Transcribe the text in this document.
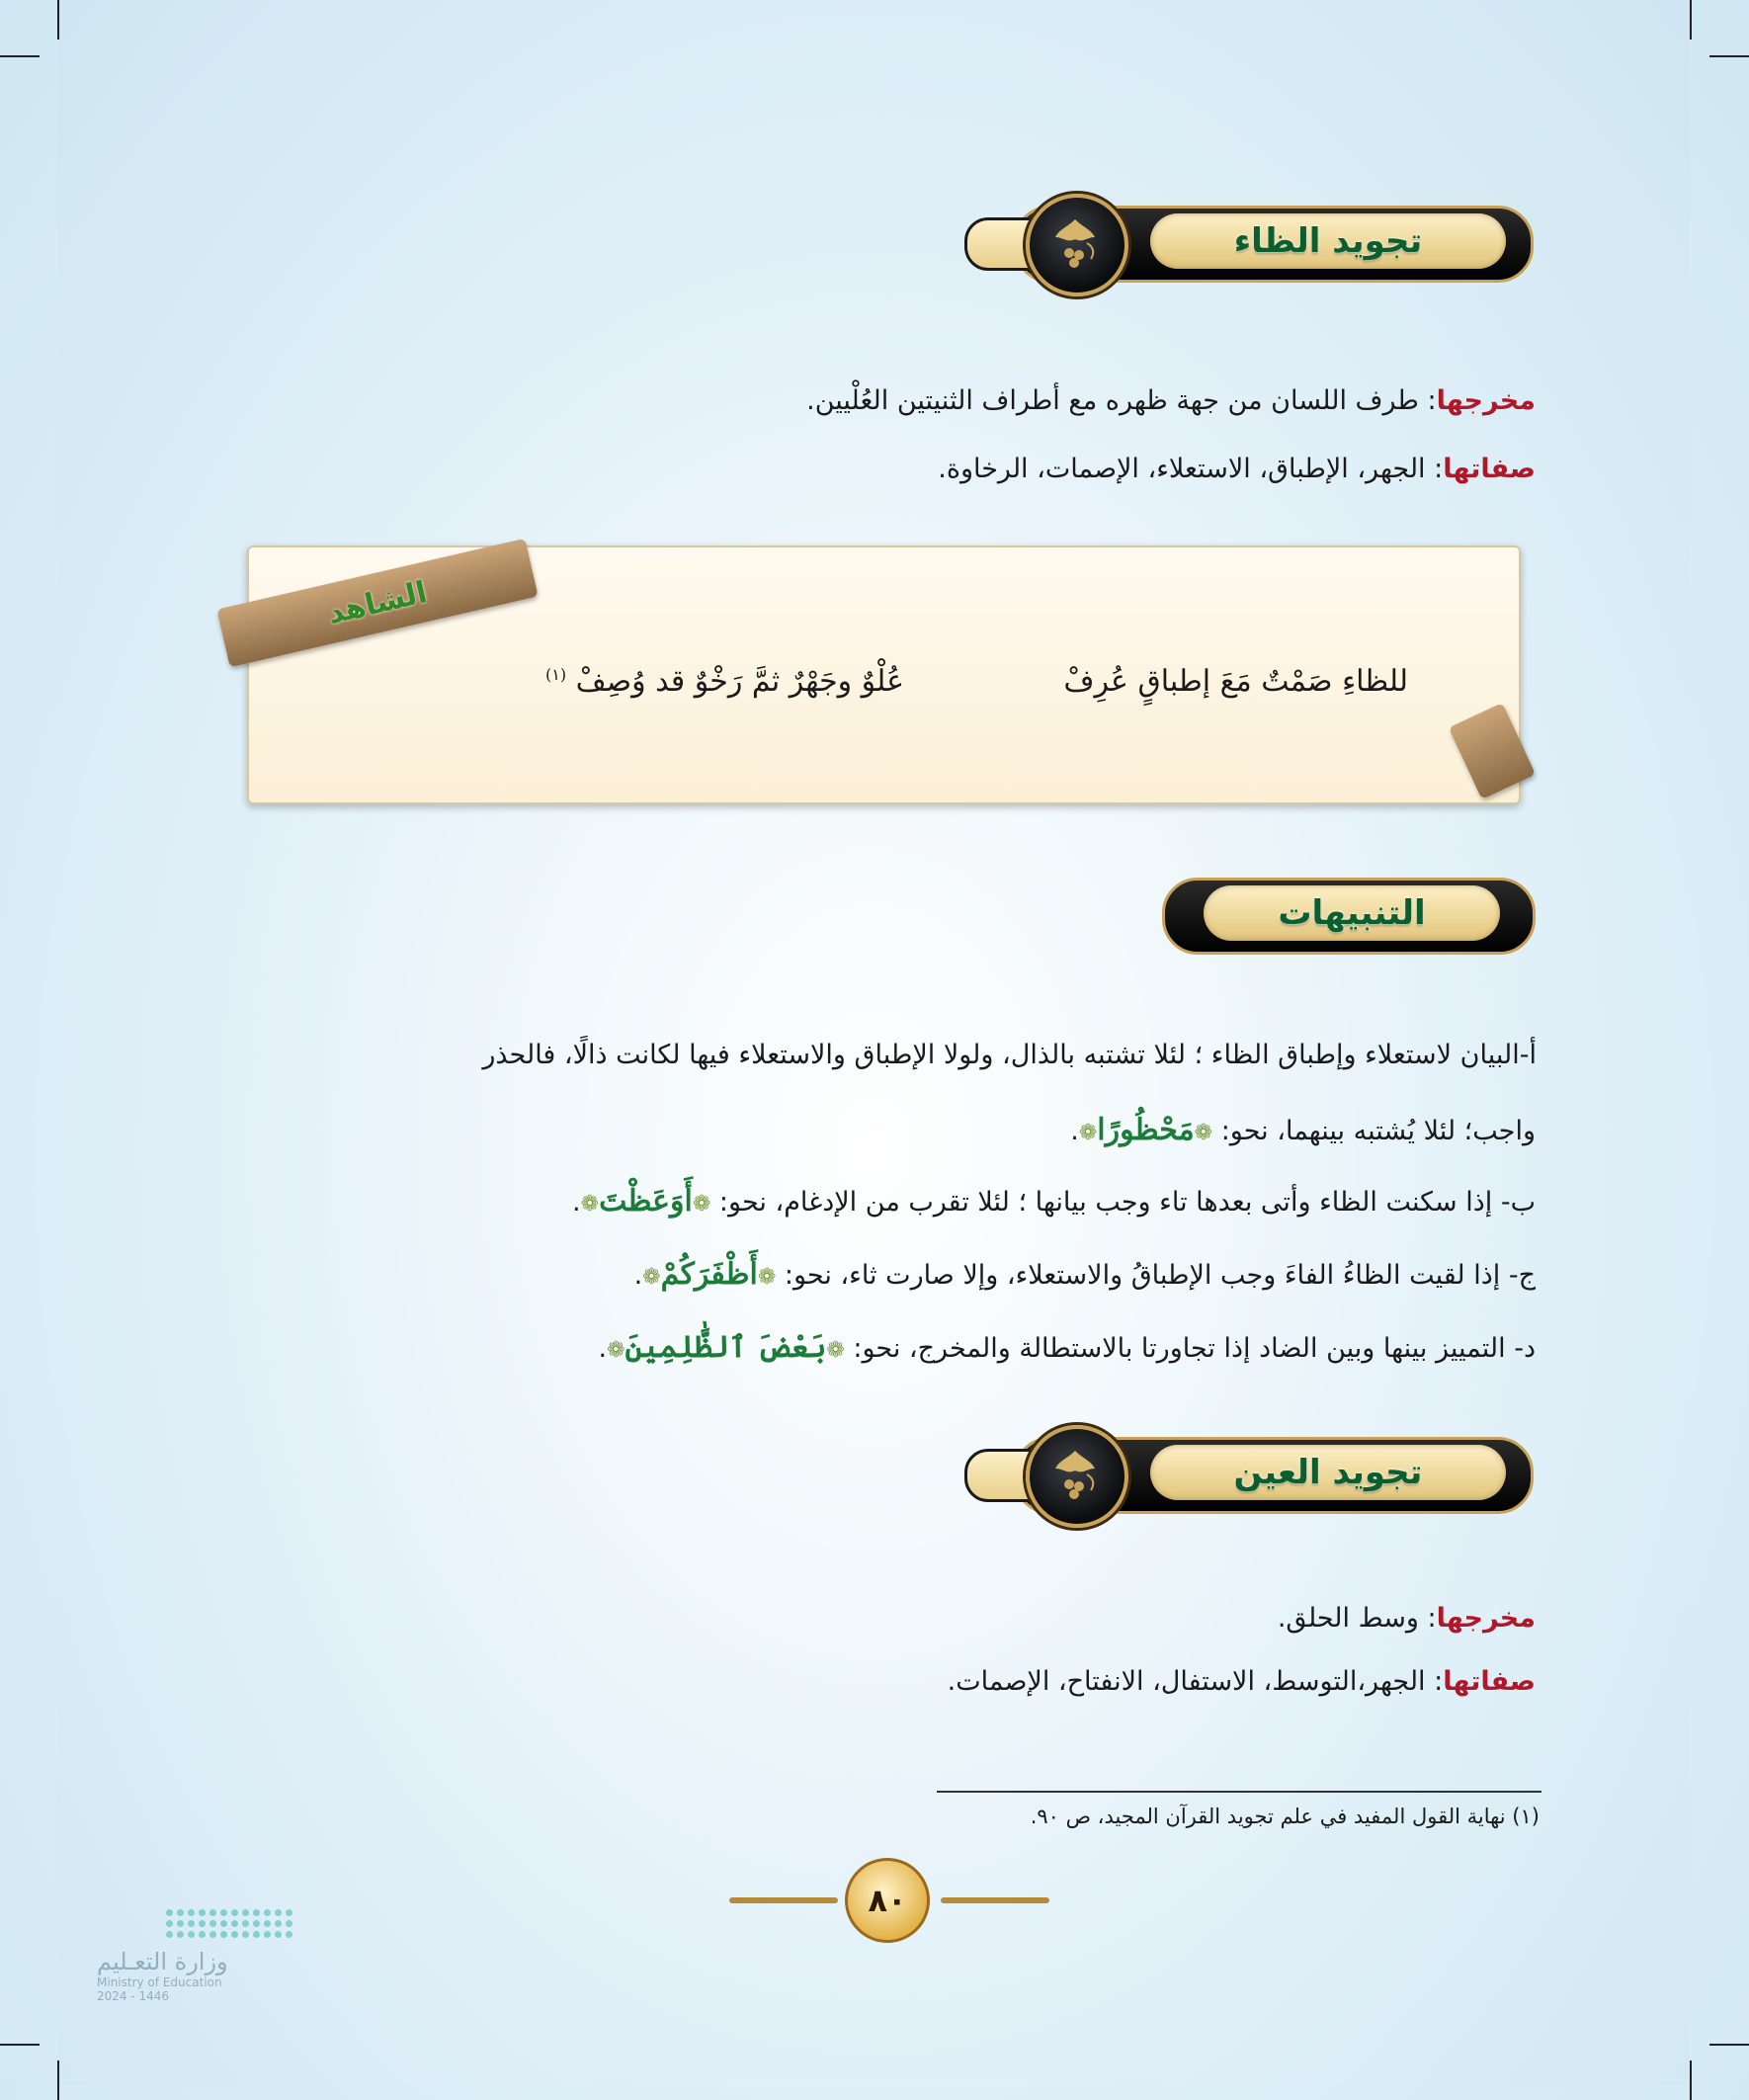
تجويد الظاء
مخرجها: طرف اللسان من جهة ظهره مع أطراف الثنيتين العُلْيين.
صفاتها: الجهر، الإطباق، الاستعلاء، الإصمات، الرخاوة.
الشاهد
للظاءِ صَمْتٌ مَعَ إطباقٍ عُرِفْ
عُلْوٌ وجَهْرٌ ثمَّ رَخْوٌ قد وُصِفْ $^{(١)}$
التنبيهات
أ-البيان لاستعلاء وإطباق الظاء ؛ لئلا تشتبه بالذال، ولولا الإطباق والاستعلاء فيها لكانت ذالًا، فالحذر
واجب؛ لئلا يُشتبه بينهما، نحو: ❁مَحْظُورًا❁.
ب- إذا سكنت الظاء وأتى بعدها تاء وجب بيانها ؛ لئلا تقرب من الإدغام، نحو: ❁أَوَعَظْتَ❁.
ج- إذا لقيت الظاءُ الفاءَ وجب الإطباقُ والاستعلاء، وإلا صارت ثاء، نحو: ❁أَظْفَرَكُمْ❁.
د- التمييز بينها وبين الضاد إذا تجاورتا بالاستطالة والمخرج، نحو: ❁بَعْضَ ٱلظَّٰلِمِينَ❁.
تجويد العين
مخرجها: وسط الحلق.
صفاتها: الجهر،التوسط، الاستفال، الانفتاح، الإصمات.
(١) نهاية القول المفيد في علم تجويد القرآن المجيد، ص ٩٠.
٨٠
وزارة التعـليم
Ministry of Education
2024 - 1446
